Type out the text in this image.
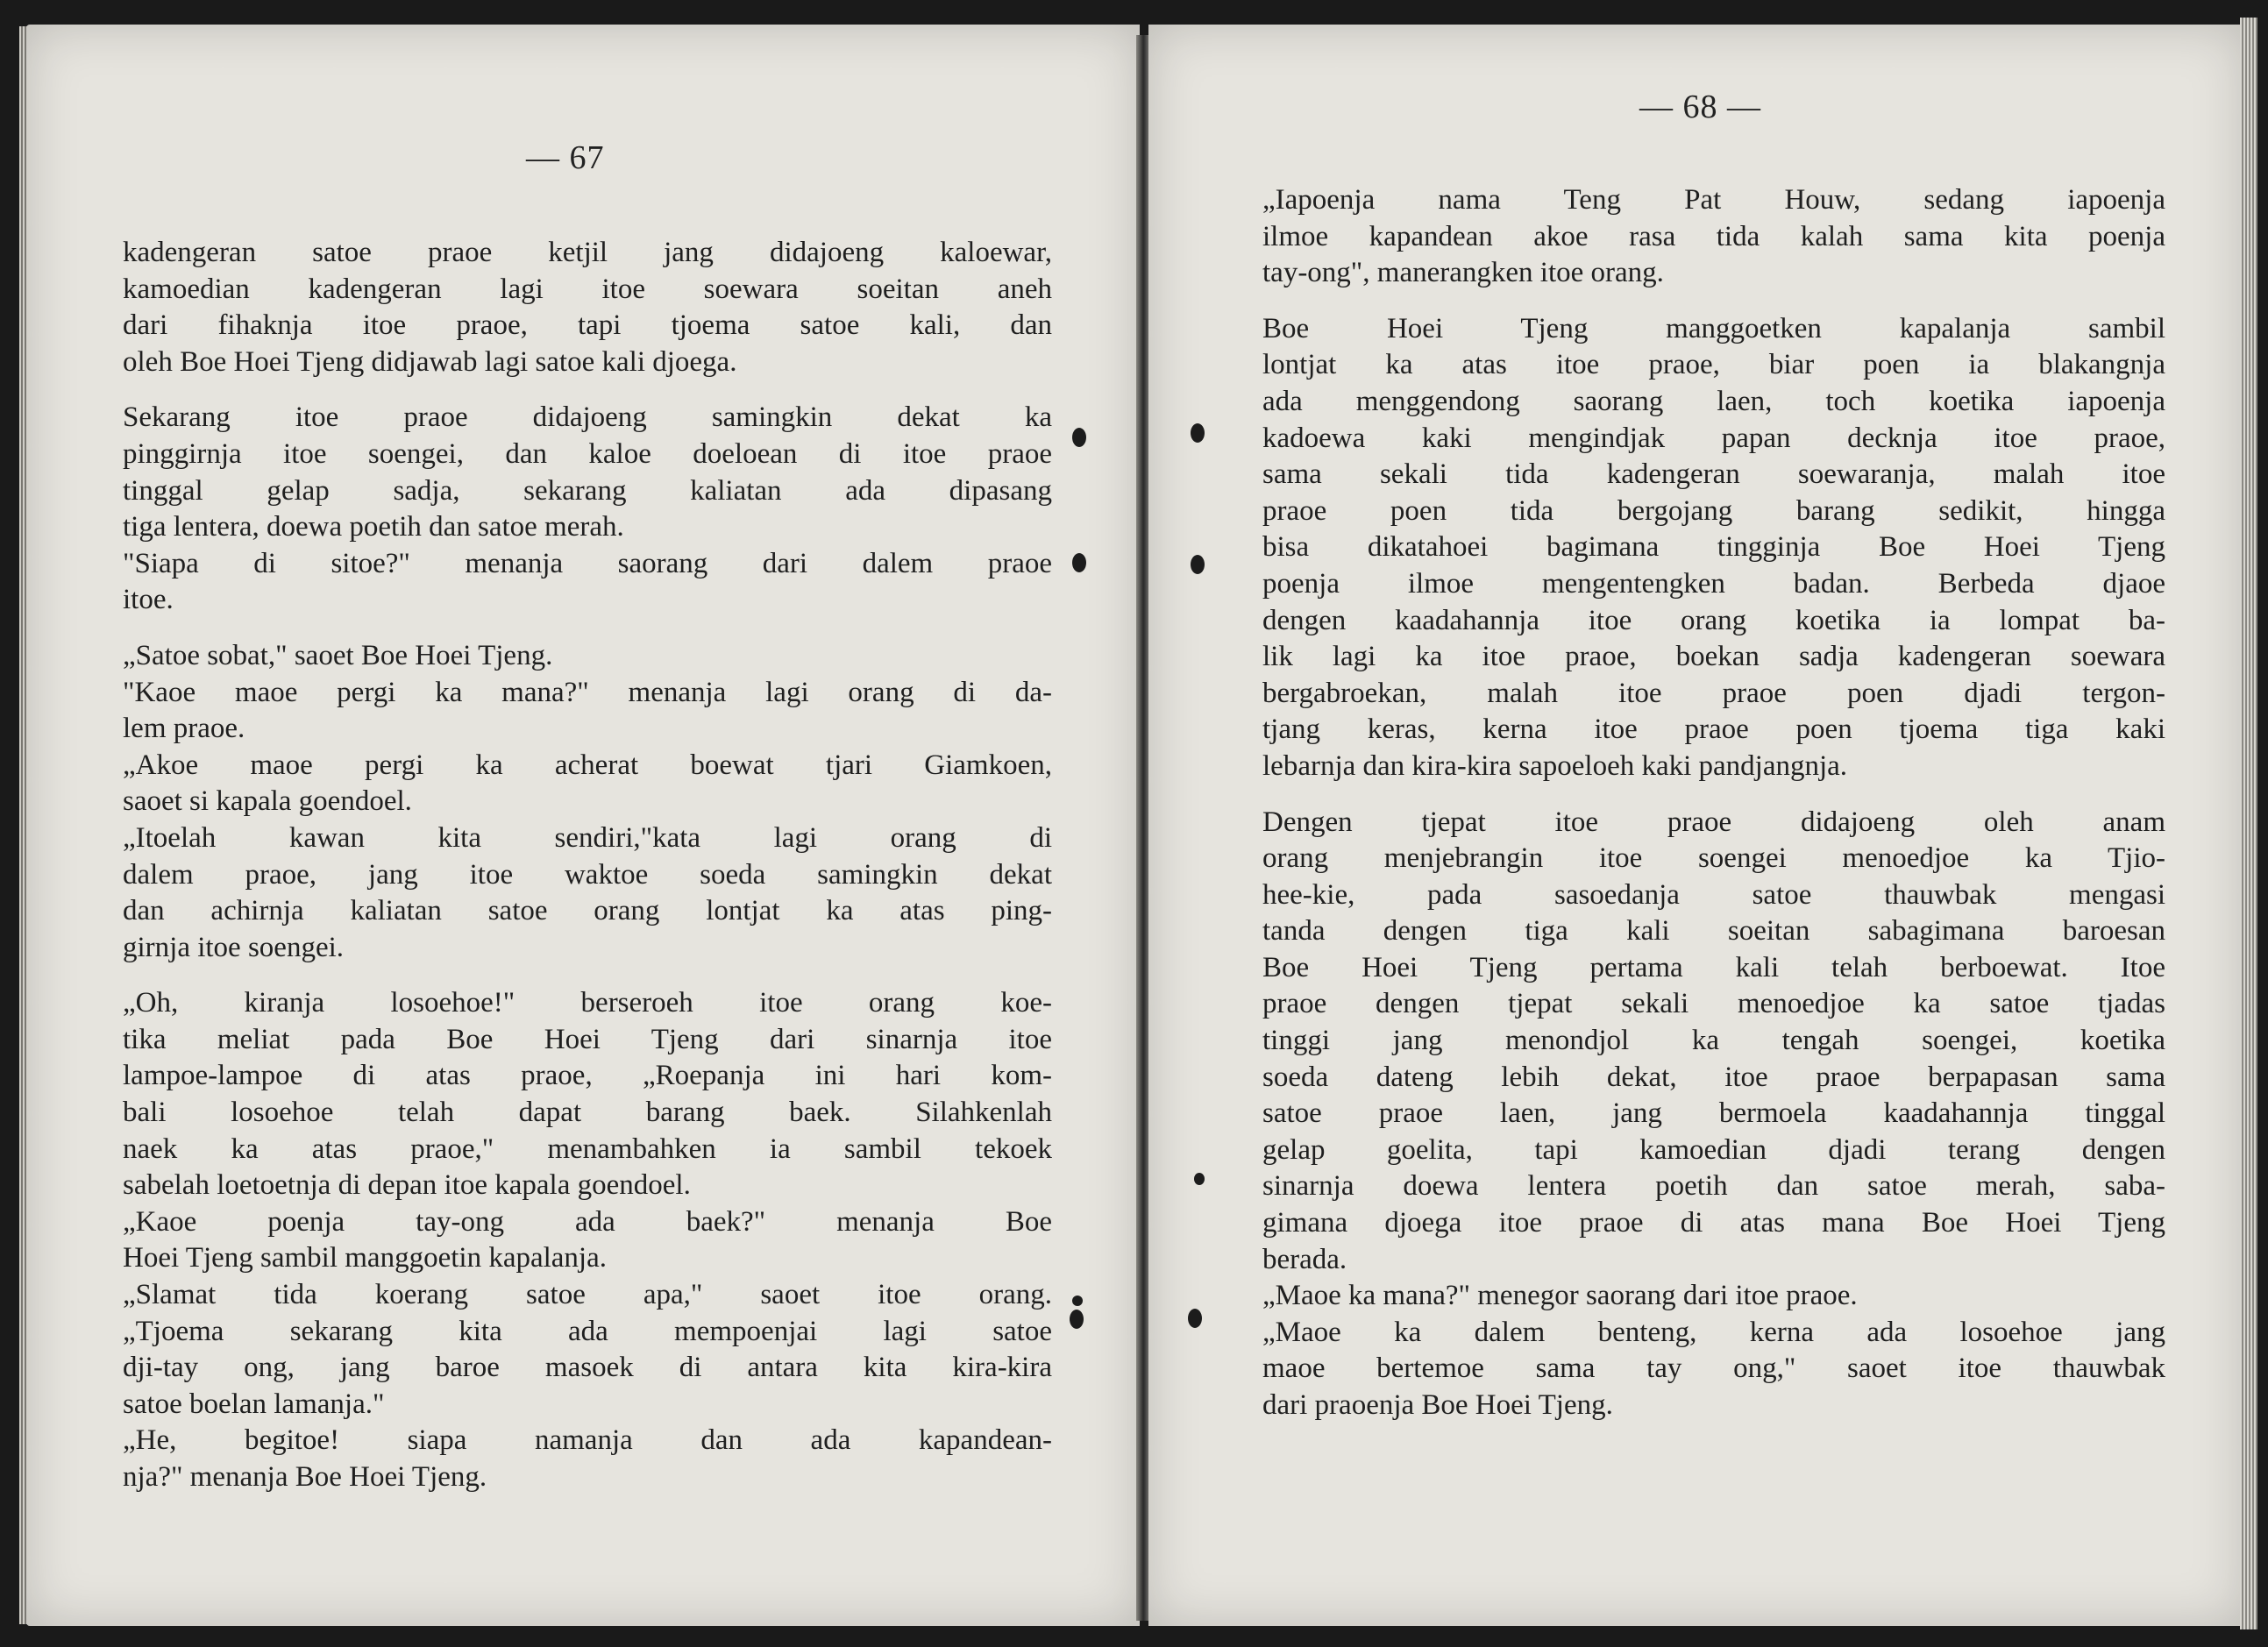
— 67
kadengeran satoe praoe ketjil jang didajoeng kaloewar,
kamoedian kadengeran lagi itoe soewara soeitan aneh
dari fihaknja itoe praoe, tapi tjoema satoe kali, dan
oleh Boe Hoei Tjeng didjawab lagi satoe kali djoega.
Sekarang itoe praoe didajoeng samingkin dekat ka
pinggirnja itoe soengei, dan kaloe doeloean di itoe praoe
tinggal gelap sadja, sekarang kaliatan ada dipasang
tiga lentera, doewa poetih dan satoe merah.
"Siapa di sitoe?" menanja saorang dari dalem praoe
itoe.
„Satoe sobat," saoet Boe Hoei Tjeng.
"Kaoe maoe pergi ka mana?" menanja lagi orang di da-
lem praoe.
„Akoe maoe pergi ka acherat boewat tjari Giamkoen,
saoet si kapala goendoel.
„Itoelah kawan kita sendiri,"kata lagi orang di
dalem praoe, jang itoe waktoe soeda samingkin dekat
dan achirnja kaliatan satoe orang lontjat ka atas ping-
girnja itoe soengei.
„Oh, kiranja losoehoe!" berseroeh itoe orang koe-
tika meliat pada Boe Hoei Tjeng dari sinarnja itoe
lampoe-lampoe di atas praoe, „Roepanja ini hari kom-
bali losoehoe telah dapat barang baek. Silahkenlah
naek ka atas praoe," menambahken ia sambil tekoek
sabelah loetoetnja di depan itoe kapala goendoel.
„Kaoe poenja tay-ong ada baek?" menanja Boe
Hoei Tjeng sambil manggoetin kapalanja.
„Slamat tida koerang satoe apa," saoet itoe orang.
„Tjoema sekarang kita ada mempoenjai lagi satoe
dji-tay ong, jang baroe masoek di antara kita kira-kira
satoe boelan lamanja."
„He, begitoe! siapa namanja dan ada kapandean-
nja?" menanja Boe Hoei Tjeng.
— 68 —
„Iapoenja nama Teng Pat Houw, sedang iapoenja
ilmoe kapandean akoe rasa tida kalah sama kita poenja
tay-ong", manerangken itoe orang.
Boe Hoei Tjeng manggoetken kapalanja sambil
lontjat ka atas itoe praoe, biar poen ia blakangnja
ada menggendong saorang laen, toch koetika iapoenja
kadoewa kaki mengindjak papan decknja itoe praoe,
sama sekali tida kadengeran soewaranja, malah itoe
praoe poen tida bergojang barang sedikit, hingga
bisa dikatahoei bagimana tingginja Boe Hoei Tjeng
poenja ilmoe mengentengken badan. Berbeda djaoe
dengen kaadahannja itoe orang koetika ia lompat ba-
lik lagi ka itoe praoe, boekan sadja kadengeran soewara
bergabroekan, malah itoe praoe poen djadi tergon-
tjang keras, kerna itoe praoe poen tjoema tiga kaki
lebarnja dan kira-kira sapoeloeh kaki pandjangnja.
Dengen tjepat itoe praoe didajoeng oleh anam
orang menjebrangin itoe soengei menoedjoe ka Tjio-
hee-kie, pada sasoedanja satoe thauwbak mengasi
tanda dengen tiga kali soeitan sabagimana baroesan
Boe Hoei Tjeng pertama kali telah berboewat. Itoe
praoe dengen tjepat sekali menoedjoe ka satoe tjadas
tinggi jang menondjol ka tengah soengei, koetika
soeda dateng lebih dekat, itoe praoe berpapasan sama
satoe praoe laen, jang bermoela kaadahannja tinggal
gelap goelita, tapi kamoedian djadi terang dengen
sinarnja doewa lentera poetih dan satoe merah, saba-
gimana djoega itoe praoe di atas mana Boe Hoei Tjeng
berada.
„Maoe ka mana?" menegor saorang dari itoe praoe.
„Maoe ka dalem benteng, kerna ada losoehoe jang
maoe bertemoe sama tay ong," saoet itoe thauwbak
dari praoenja Boe Hoei Tjeng.
